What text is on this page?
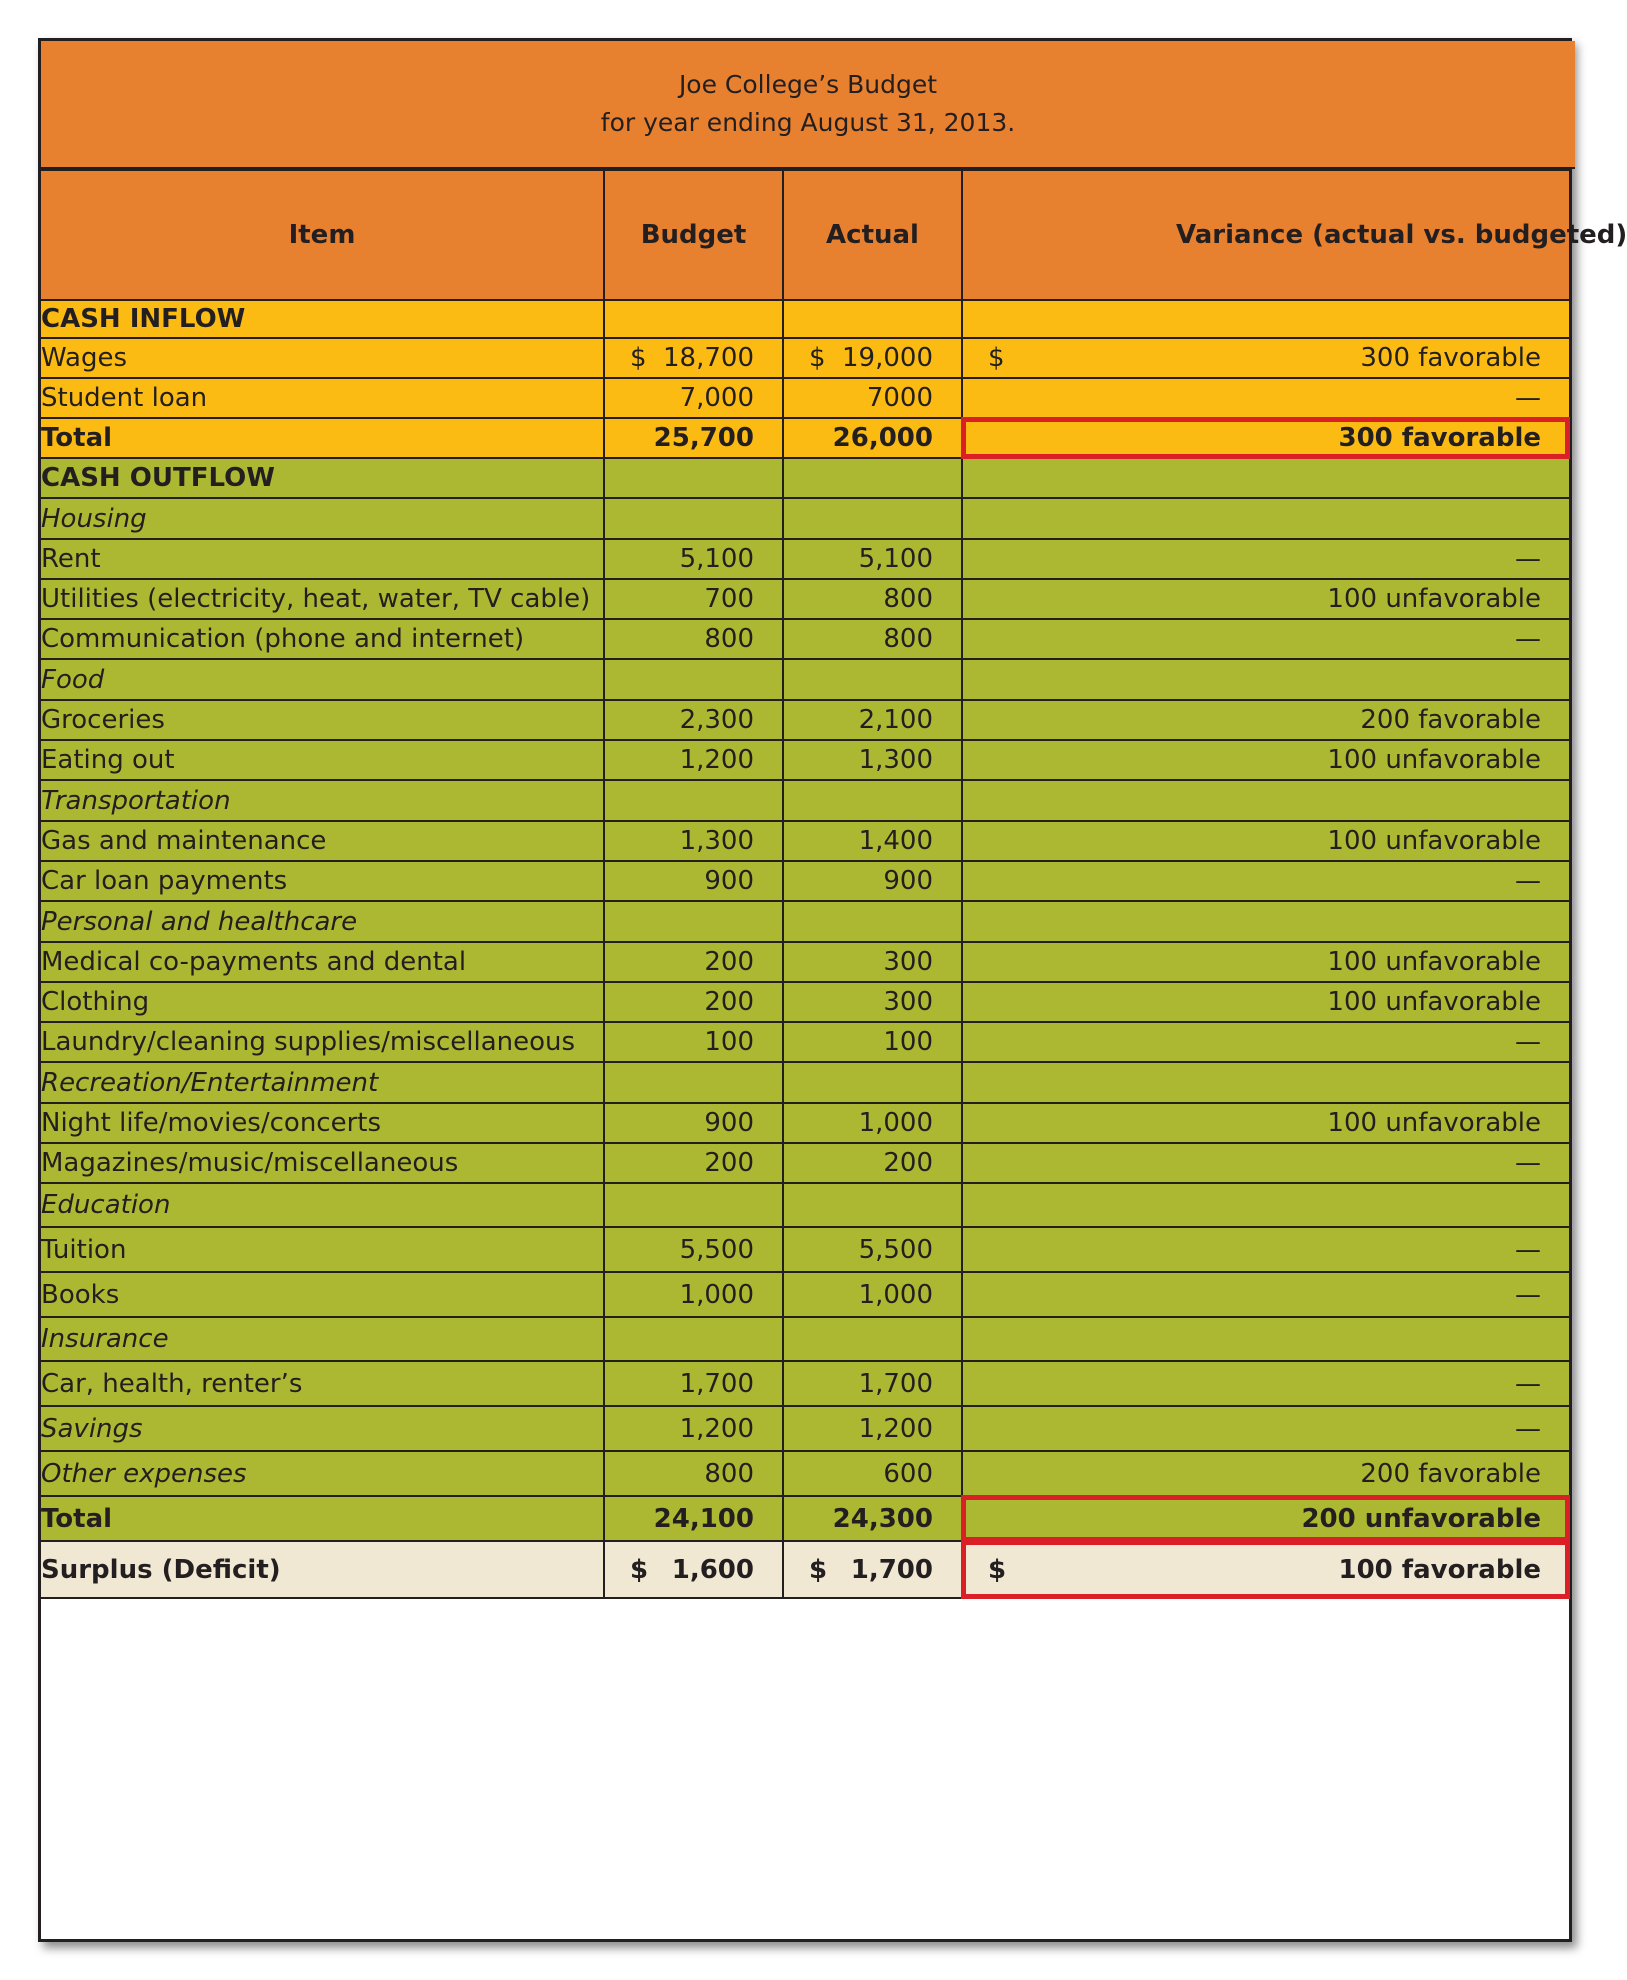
Joe College’s Budget
for year ending August 31, 2013.
Item	Budget	Actual	Variance (actual vs. budgeted)
CASH INFLOW			
Wages	$ 18,700	$ 19,000	$ 300 favorable
Student loan	7,000	7000	—
Total	25,700	26,000	300 favorable
CASH OUTFLOW			
Housing			
Rent	5,100	5,100	—
Utilities (electricity, heat, water, TV cable)	700	800	100 unfavorable
Communication (phone and internet)	800	800	—
Food			
Groceries	2,300	2,100	200 favorable
Eating out	1,200	1,300	100 unfavorable
Transportation			
Gas and maintenance	1,300	1,400	100 unfavorable
Car loan payments	900	900	—
Personal and healthcare			
Medical co-payments and dental	200	300	100 unfavorable
Clothing	200	300	100 unfavorable
Laundry/cleaning supplies/miscellaneous	100	100	—
Recreation/Entertainment			
Night life/movies/concerts	900	1,000	100 unfavorable
Magazines/music/miscellaneous	200	200	—
Education			
Tuition	5,500	5,500	—
Books	1,000	1,000	—
Insurance			
Car, health, renter’s	1,700	1,700	—
Savings	1,200	1,200	—
Other expenses	800	600	200 favorable
Total	24,100	24,300	200 unfavorable
Surplus (Deficit)	$ 1,600	$ 1,700	$ 100 favorable
